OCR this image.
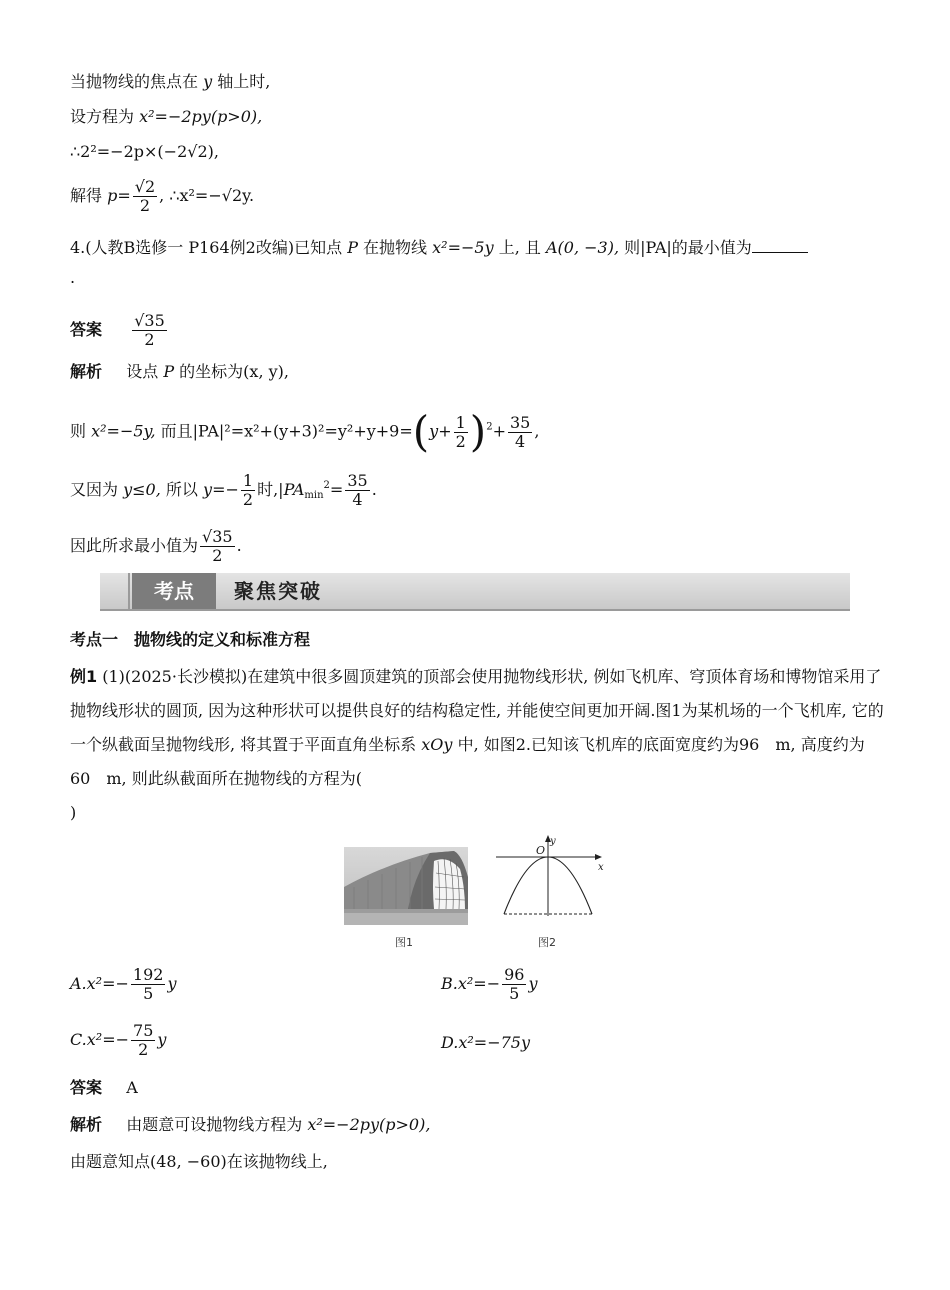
当抛物线的焦点在 y 轴上时,
设方程为 x²=−2py(p>0),
∴2²=−2p×(−2√2),
解得 $p= \frac{√2}{2}$ , ∴x²=−√2y.
4.(人教B选修一 P164例2改编)已知点 P 在抛物线 x²=−5y 上, 且 A(0, −3), 则|PA|的最小值为
.
答案 $\frac{√35}{2}$
解析 设点 P 的坐标为(x, y),
则 x²=−5y, 而且$|PA|^2=x^2+(y+3)^2=y^2+y+9=(y+ \frac{1}{2} )^2+ \frac{35}{4}$ ,
又因为 y≤0, 所以 $y=- \frac{1}{2}$ 时$,|PA_{min}^2= \frac{35}{4}$ .
因此所求最小值为 $\frac{√35}{2}$ .
考点	聚焦突破
考点一　抛物线的定义和标准方程
例1 (1)(2025·长沙模拟)在建筑中很多圆顶建筑的顶部会使用抛物线形状, 例如飞机库、穹顶体育场和博物馆采用了抛物线形状的圆顶, 因为这种形状可以提供良好的结构稳定性, 并能使空间更加开阔.图1为某机场的一个飞机库, 它的一个纵截面呈抛物线形, 将其置于平面直角坐标系 xOy 中, 如图2.已知该飞机库的底面宽度约为96　m, 高度约为60　m, 则此纵截面所在抛物线的方程为(
)
图1
y
x
O
图2
$A.x^2=- \frac{192}{5}$ y	$B.x^2=- \frac{96}{5}$ y
$C.x^2=- \frac{75}{2}$ y	D.x²=−75y
答案 A
解析 由题意可设抛物线方程为 x²=−2py(p>0),
由题意知点(48, −60)在该抛物线上,
